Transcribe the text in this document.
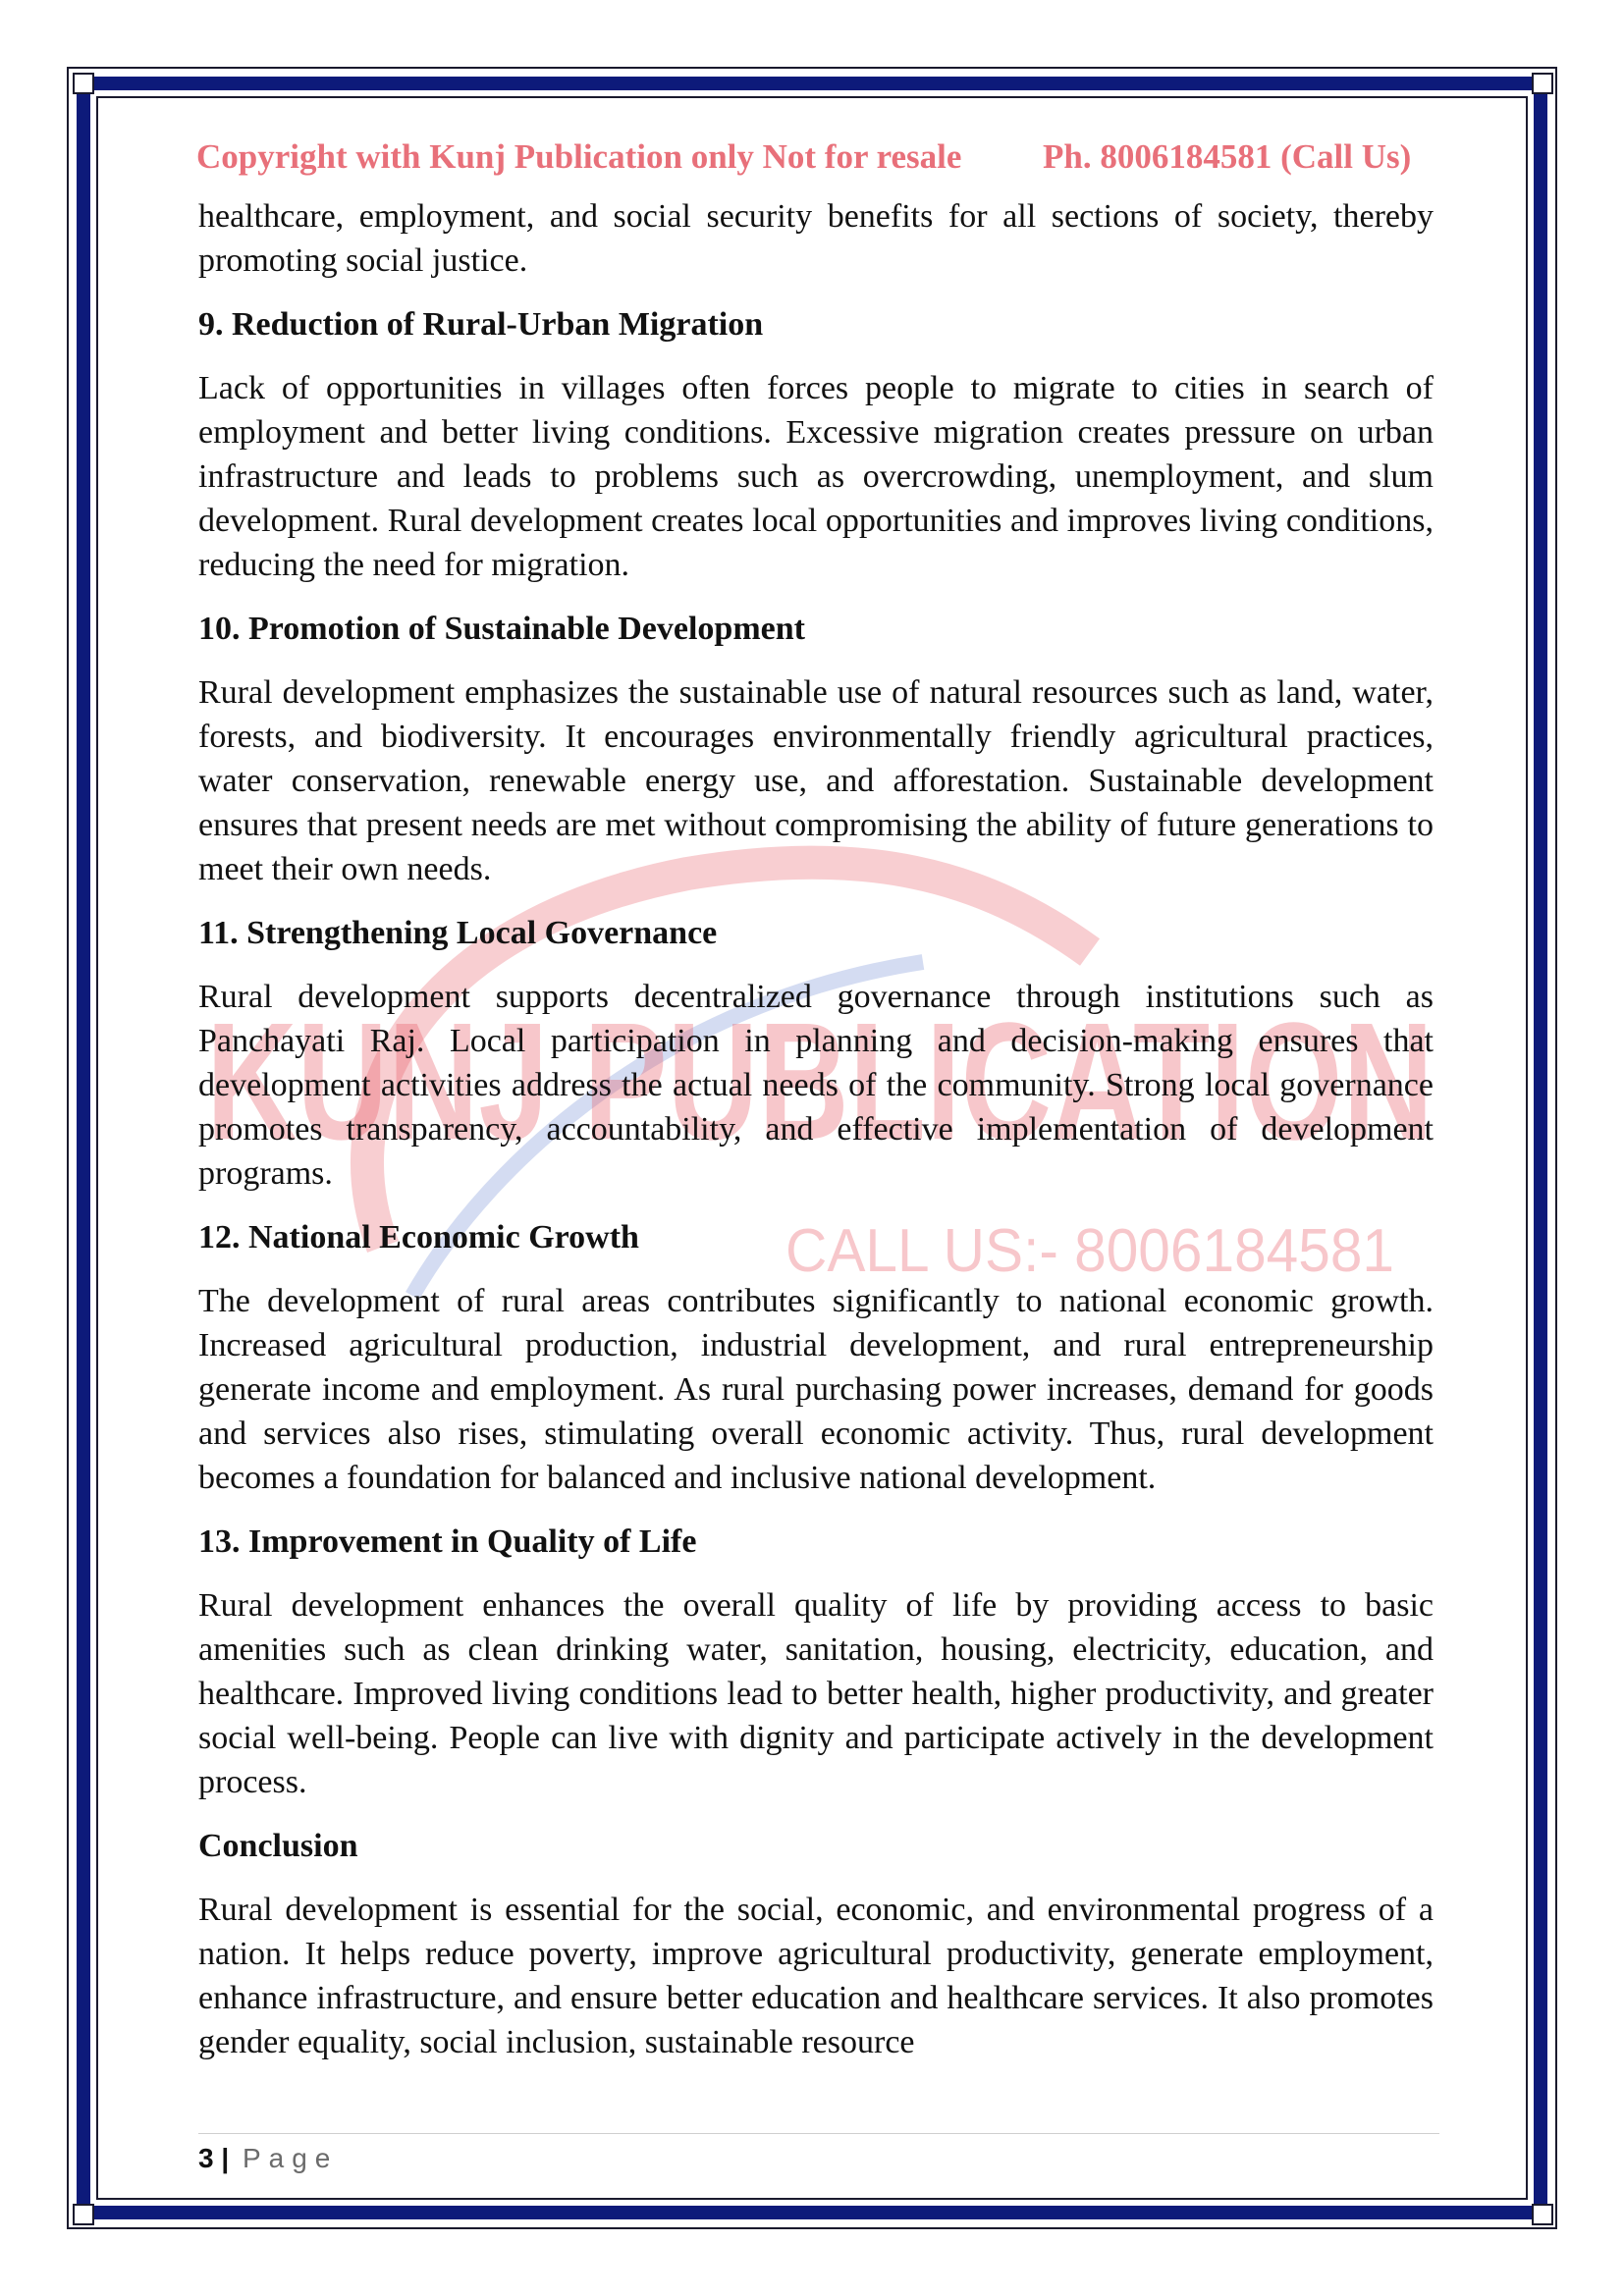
KUNJ PUBLICATION
CALL US:- 8006184581
Copyright with Kunj Publication only Not for resale Ph. 8006184581 (Call Us)

healthcare, employment, and social security benefits for all sections of society, thereby promoting social justice.

9. Reduction of Rural-Urban Migration

Lack of opportunities in villages often forces people to migrate to cities in search of employment and better living conditions. Excessive migration creates pressure on urban infrastructure and leads to problems such as overcrowding, unemployment, and slum development. Rural development creates local opportunities and improves living conditions, reducing the need for migration.

10. Promotion of Sustainable Development

Rural development emphasizes the sustainable use of natural resources such as land, water, forests, and biodiversity. It encourages environmentally friendly agricultural practices, water conservation, renewable energy use, and afforestation. Sustainable development ensures that present needs are met without compromising the ability of future generations to meet their own needs.

11. Strengthening Local Governance

Rural development supports decentralized governance through institutions such as Panchayati Raj. Local participation in planning and decision-making ensures that development activities address the actual needs of the community. Strong local governance promotes transparency, accountability, and effective implementation of development programs.

12. National Economic Growth

The development of rural areas contributes significantly to national economic growth. Increased agricultural production, industrial development, and rural entrepreneurship generate income and employment. As rural purchasing power increases, demand for goods and services also rises, stimulating overall economic activity. Thus, rural development becomes a foundation for balanced and inclusive national development.

13. Improvement in Quality of Life

Rural development enhances the overall quality of life by providing access to basic amenities such as clean drinking water, sanitation, housing, electricity, education, and healthcare. Improved living conditions lead to better health, higher productivity, and greater social well-being. People can live with dignity and participate actively in the development process.

Conclusion

Rural development is essential for the social, economic, and environmental progress of a nation. It helps reduce poverty, improve agricultural productivity, generate employment, enhance infrastructure, and ensure better education and healthcare services. It also promotes gender equality, social inclusion, sustainable resource

3 | Page
